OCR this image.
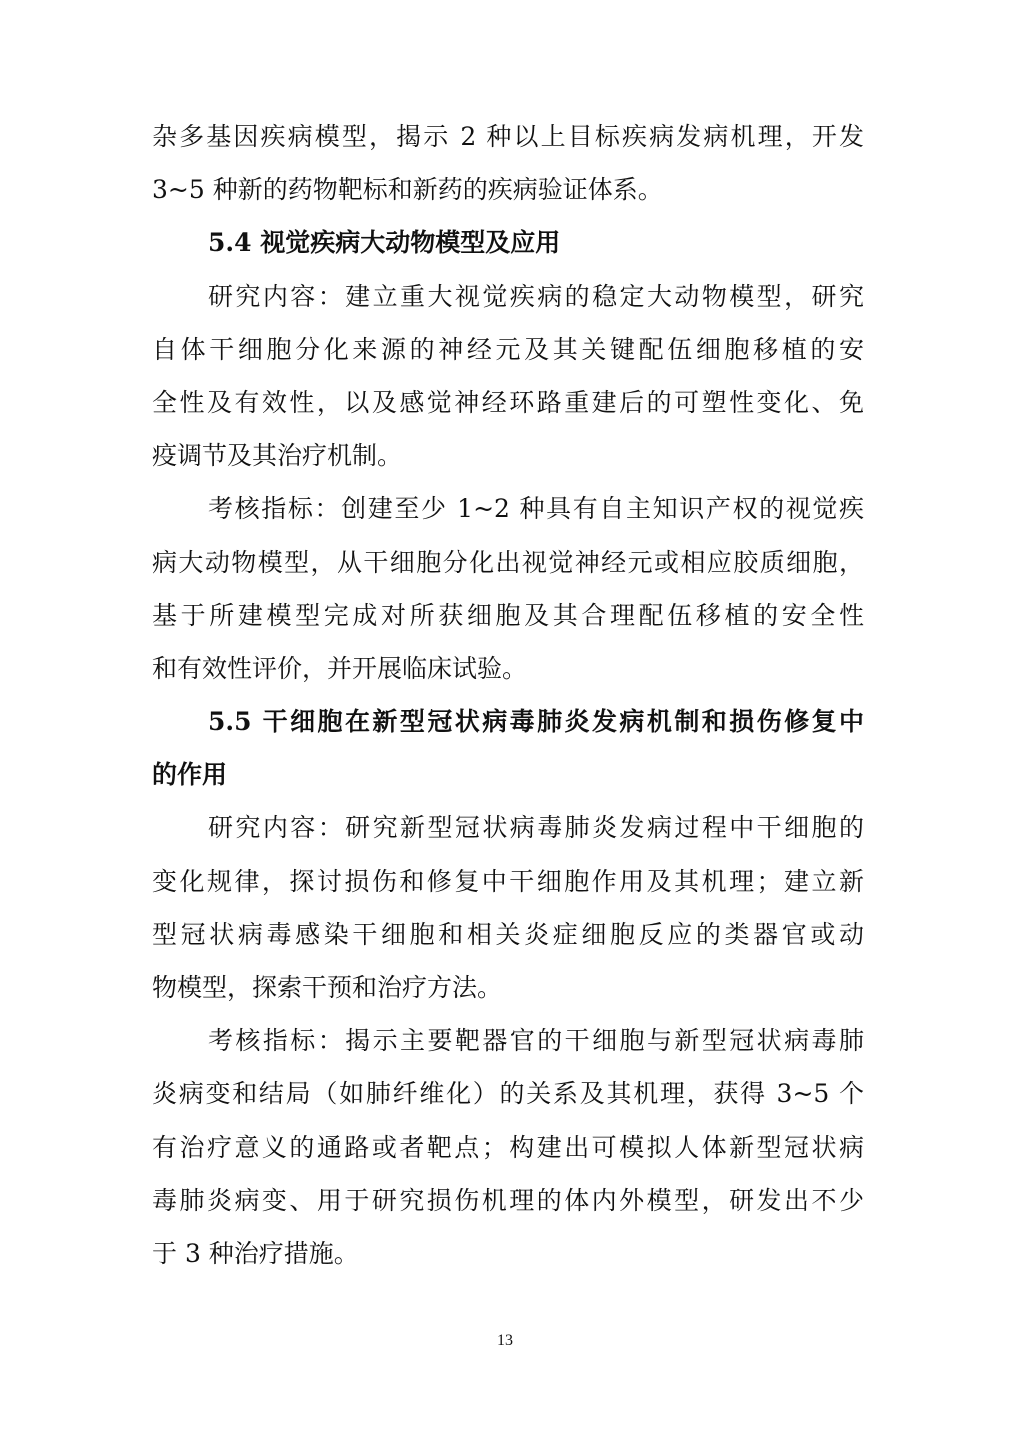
杂多基因疾病模型，揭示 2 种以上目标疾病发病机理，开发
3~5 种新的药物靶标和新药的疾病验证体系。
5.4 视觉疾病大动物模型及应用
研究内容：建立重大视觉疾病的稳定大动物模型，研究
自体干细胞分化来源的神经元及其关键配伍细胞移植的安
全性及有效性，以及感觉神经环路重建后的可塑性变化、免
疫调节及其治疗机制。
考核指标：创建至少 1~2 种具有自主知识产权的视觉疾
病大动物模型，从干细胞分化出视觉神经元或相应胶质细胞，
基于所建模型完成对所获细胞及其合理配伍移植的安全性
和有效性评价，并开展临床试验。
5.5 干细胞在新型冠状病毒肺炎发病机制和损伤修复中
的作用
研究内容：研究新型冠状病毒肺炎发病过程中干细胞的
变化规律，探讨损伤和修复中干细胞作用及其机理；建立新
型冠状病毒感染干细胞和相关炎症细胞反应的类器官或动
物模型，探索干预和治疗方法。
考核指标：揭示主要靶器官的干细胞与新型冠状病毒肺
炎病变和结局（如肺纤维化）的关系及其机理，获得 3~5 个
有治疗意义的通路或者靶点；构建出可模拟人体新型冠状病
毒肺炎病变、用于研究损伤机理的体内外模型，研发出不少
于 3 种治疗措施。
13
